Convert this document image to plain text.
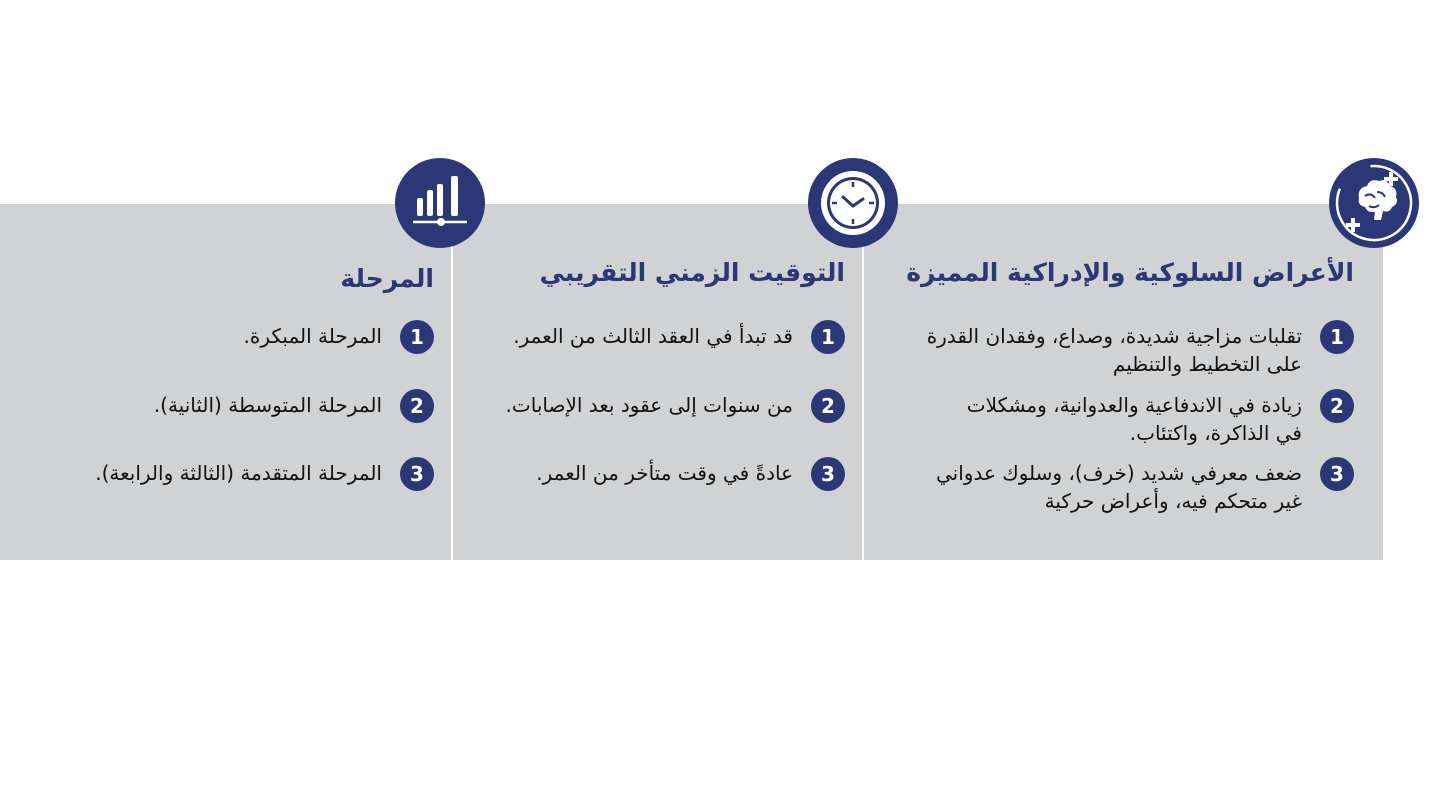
الأعراض السلوكية والإدراكية المميزة
1
تقلبات مزاجية شديدة، وصداع، وفقدان القدرة
على التخطيط والتنظيم
2
زيادة في الاندفاعية والعدوانية، ومشكلات
في الذاكرة، واكتئاب.
3
ضعف معرفي شديد (خرف)، وسلوك عدواني
غير متحكم فيه، وأعراض حركية
التوقيت الزمني التقريبي
1
قد تبدأ في العقد الثالث من العمر.
2
من سنوات إلى عقود بعد الإصابات.
3
عادةً في وقت متأخر من العمر.
المرحلة
1
المرحلة المبكرة.
2
المرحلة المتوسطة (الثانية).
3
المرحلة المتقدمة (الثالثة والرابعة).
